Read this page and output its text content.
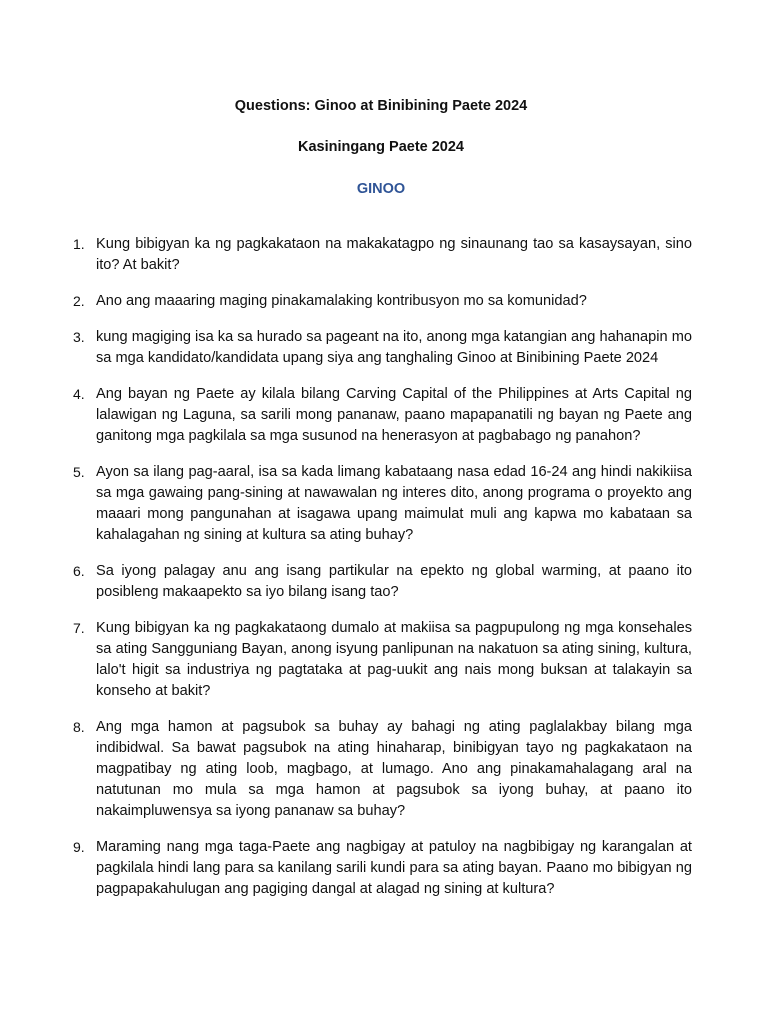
Questions: Ginoo at Binibining Paete 2024
Kasiningang Paete 2024
GINOO
1. Kung bibigyan ka ng pagkakataon na makakatagpo ng sinaunang tao sa kasaysayan, sino ito? At bakit?
2. Ano ang maaaring maging pinakamalaking kontribusyon mo sa komunidad?
3. kung magiging isa ka sa hurado sa pageant na ito, anong mga katangian ang hahanapin mo sa mga kandidato/kandidata upang siya ang tanghaling Ginoo at Binibining Paete 2024
4. Ang bayan ng Paete ay kilala bilang Carving Capital of the Philippines at Arts Capital ng lalawigan ng Laguna, sa sarili mong pananaw, paano mapapanatili ng bayan ng Paete ang ganitong mga pagkilala sa mga susunod na henerasyon at pagbabago ng panahon?
5. Ayon sa ilang pag-aaral, isa sa kada limang kabataang nasa edad 16-24 ang hindi nakikiisa sa mga gawaing pang-sining at nawawalan ng interes dito, anong programa o proyekto ang maaari mong pangunahan at isagawa upang maimulat muli ang kapwa mo kabataan sa kahalagahan ng sining at kultura sa ating buhay?
6. Sa iyong palagay anu ang isang partikular na epekto ng global warming, at paano ito posibleng makaapekto sa iyo bilang isang tao?
7. Kung bibigyan ka ng pagkakataong dumalo at makiisa sa pagpupulong ng mga konsehales sa ating Sangguniang Bayan, anong isyung panlipunan na nakatuon sa ating sining, kultura, lalo't higit sa industriya ng pagtataka at pag-uukit ang nais mong buksan at talakayin sa konseho at bakit?
8. Ang mga hamon at pagsubok sa buhay ay bahagi ng ating paglalakbay bilang mga indibidwal. Sa bawat pagsubok na ating hinaharap, binibigyan tayo ng pagkakataon na magpatibay ng ating loob, magbago, at lumago. Ano ang pinakamahalagang aral na natutunan mo mula sa mga hamon at pagsubok sa iyong buhay, at paano ito nakaimpluwensya sa iyong pananaw sa buhay?
9. Maraming nang mga taga-Paete ang nagbigay at patuloy na nagbibigay ng karangalan at pagkilala hindi lang para sa kanilang sarili kundi para sa ating bayan. Paano mo bibigyan ng pagpapakahulugan ang pagiging dangal at alagad ng sining at kultura?
